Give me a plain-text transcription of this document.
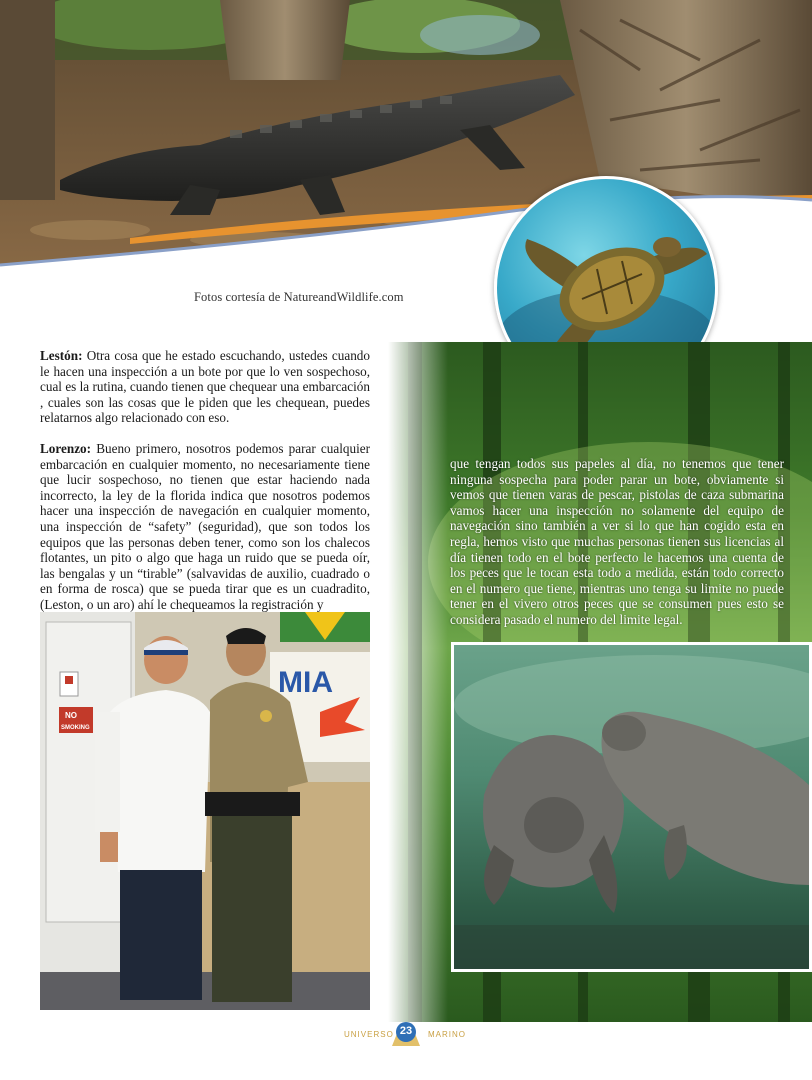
Fotos cortesía de NatureandWildlife.com

Lestón: Otra cosa que he estado escuchando, ustedes cuando le hacen una inspección a un bote por que lo ven sospechoso, cual es la rutina, cuando tienen que chequear una embarcación , cuales son las cosas que le piden que les chequean, puedes relatarnos algo relacionado con eso.

Lorenzo: Bueno primero, nosotros podemos parar cualquier embarcación en cualquier momento, no necesariamente tiene que lucir sospechoso, no tienen que estar haciendo nada incorrecto, la ley de la florida indica que nosotros podemos hacer una inspección de navegación en cualquier momento, una inspección de “safety” (seguridad), que son todos los equipos que las personas deben tener, como son los chalecos flotantes, un pito o algo que haga un ruido que se pueda oír, las bengalas y un “tirable” (salvavidas de auxilio, cuadrado o en forma de rosca) que se pueda tirar que es un cuadradito, (Leston, o un aro) ahí le chequeamos la registración y

MIA
NO
SMOKING

que tengan todos sus papeles al día, no tenemos que tener ninguna sospecha para poder parar un bote, obviamente si vemos que tienen varas de pescar, pistolas de caza submarina vamos hacer una inspección no solamente del equipo de navegación sino también a ver si lo que han cogido esta en regla, hemos visto que muchas personas tienen sus licencias al día tienen todo en el bote perfecto le hacemos una cuenta de los peces que le tocan esta todo a medida, están todo correcto en el numero que tiene, mientras uno tenga su limite no puede tener en el vivero otros peces que se consumen pues esto se considera pasado el numero del limite legal.

UNIVERSO 23	MARINO
